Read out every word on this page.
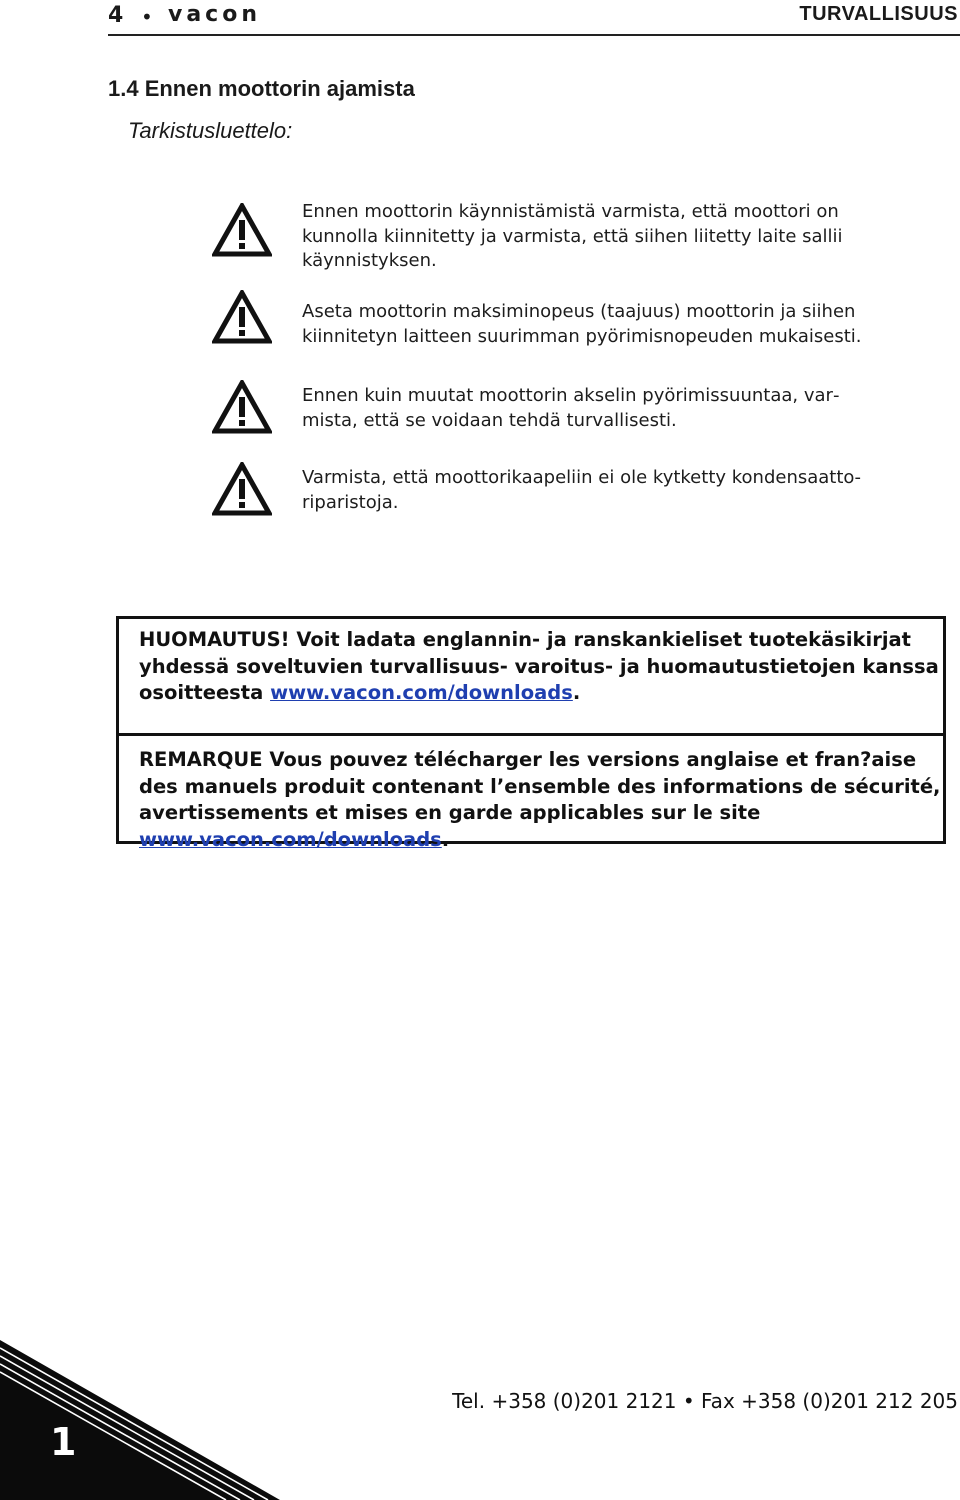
4 • vacon	TURVALLISUUS
1.4 Ennen moottorin ajamista
Tarkistusluettelo:
Ennen moottorin käynnistämistä varmista, että moottori on kunnolla kiinnitetty ja varmista, että siihen liitetty laite sallii käynnistyksen.
Aseta moottorin maksiminopeus (taajuus) moottorin ja siihen kiinnitetyn laitteen suurimman pyörimisnopeuden mukaisesti.
Ennen kuin muutat moottorin akselin pyörimissuuntaa, varmista, että se voidaan tehdä turvallisesti.
Varmista, että moottorikaapeliin ei ole kytketty kondensaattoriparistoja.
HUOMAUTUS! Voit ladata englannin- ja ranskankieliset tuotekäsikirjat yhdessä soveltuvien turvallisuus- varoitus- ja huomautustietojen kanssa osoitteesta www.vacon.com/downloads.
REMARQUE Vous pouvez télécharger les versions anglaise et fran?aise des manuels produit contenant l’ensemble des informations de sécurité, avertissements et mises en garde applicables sur le site www.vacon.com/downloads.
1
Tel. +358 (0)201 2121 • Fax +358 (0)201 212 205
